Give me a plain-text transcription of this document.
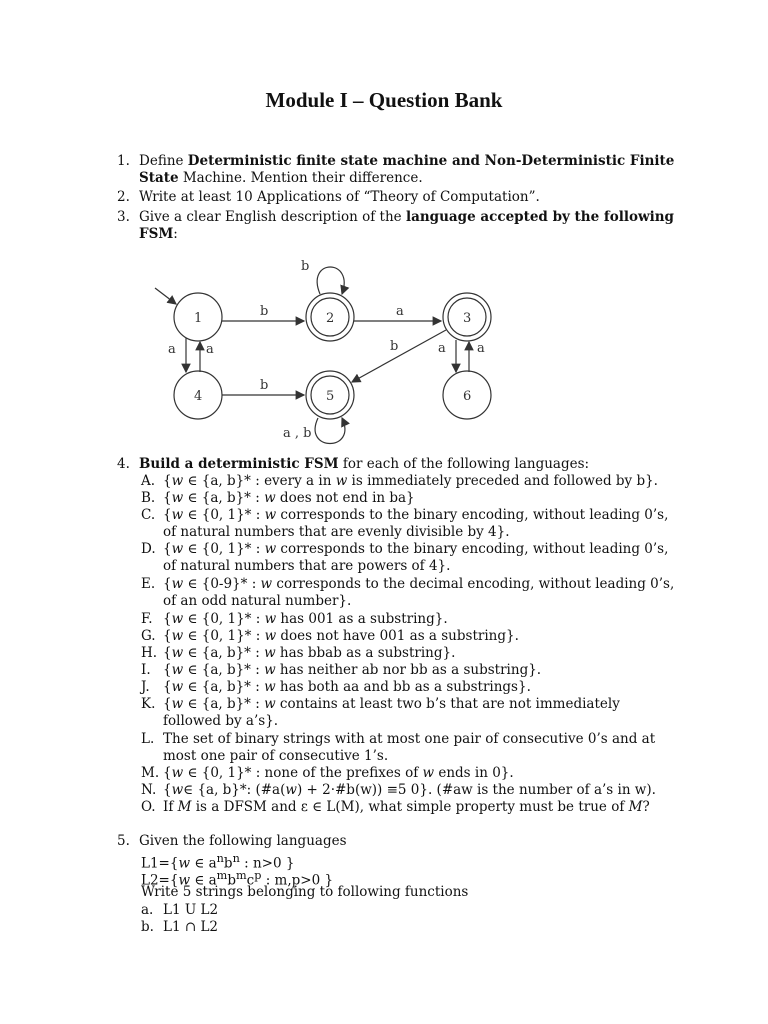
Module I – Question Bank
1. Define Deterministic finite state machine and Non-Deterministic Finite State Machine. Mention their difference.
2. Write at least 10 Applications of “Theory of Computation”.
3. Give a clear English description of the language accepted by the following FSM:
1	2	3
4	5	6
b
b	a
a a
b
b	a a
a , b
4. Build a deterministic FSM for each of the following languages:
A. {w ∈ {a, b}* : every a in w is immediately preceded and followed by b}.
B. {w ∈ {a, b}* : w does not end in ba}
C. {w ∈ {0, 1}* : w corresponds to the binary encoding, without leading 0’s, of natural numbers that are evenly divisible by 4}.
D. {w ∈ {0, 1}* : w corresponds to the binary encoding, without leading 0’s, of natural numbers that are powers of 4}.
E. {w ∈ {0-9}* : w corresponds to the decimal encoding, without leading 0’s, of an odd natural number}.
F. {w ∈ {0, 1}* : w has 001 as a substring}.
G. {w ∈ {0, 1}* : w does not have 001 as a substring}.
H. {w ∈ {a, b}* : w has bbab as a substring}.
I. {w ∈ {a, b}* : w has neither ab nor bb as a substring}.
J. {w ∈ {a, b}* : w has both aa and bb as a substrings}.
K. {w ∈ {a, b}* : w contains at least two b’s that are not immediately followed by a’s}.
L. The set of binary strings with at most one pair of consecutive 0’s and at most one pair of consecutive 1’s.
M. {w ∈ {0, 1}* : none of the prefixes of w ends in 0}.
N. {w∈ {a, b}*: (#a(w) + 2·#b(w)) ≡5 0}. (#aw is the number of a’s in w).
O. If M is a DFSM and ε ∈ L(M), what simple property must be true of M?
5. Given the following languages
L1={w ∈ $a^nb^n$ : n>0 }
L2={w ∈ $a^mb^mc^p$ : m,p>0 }
Write 5 strings belonging to following functions
a. L1 U L2
b. L1 ∩ L2
